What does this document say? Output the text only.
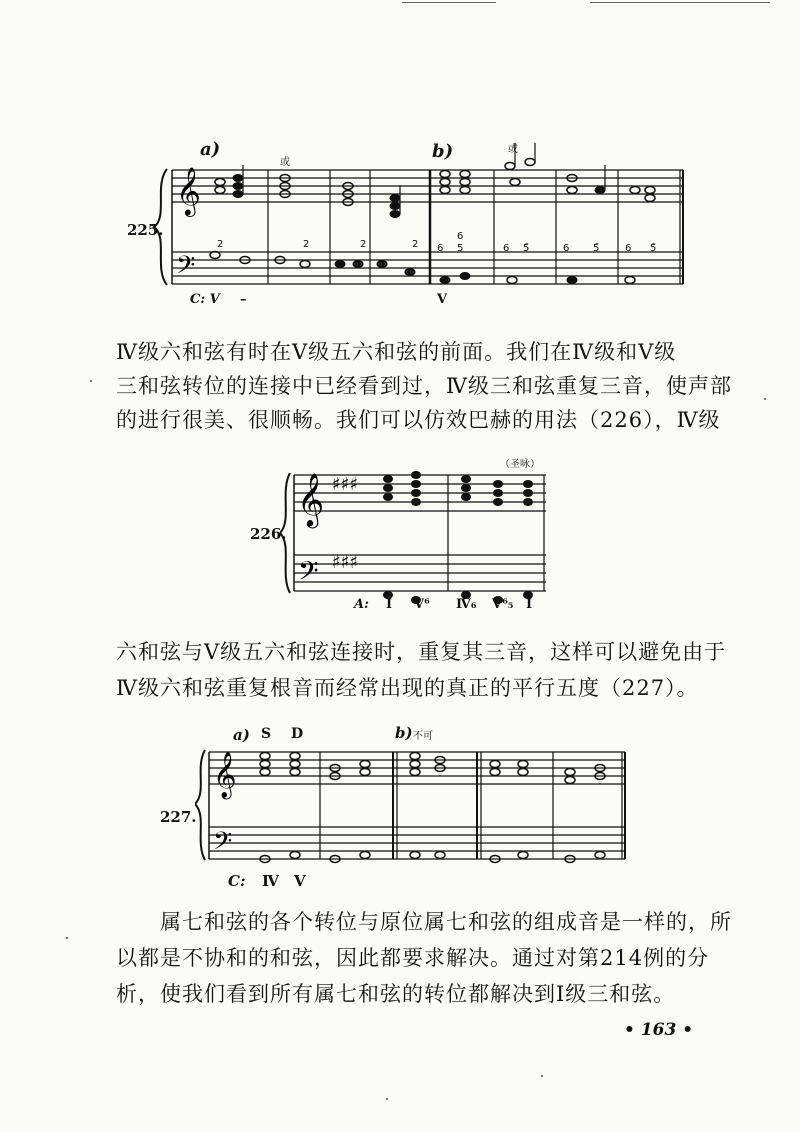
𝄞
𝄢
a)
或
b)	或
2	2	2	2 6
6
5	6 5̄	6 5̄	6 5̄
225.
C: V –	V
Ⅳ级六和弦有时在Ⅴ级五六和弦的前面。我们在Ⅳ级和Ⅴ级
三和弦转位的连接中已经看到过，Ⅳ级三和弦重复三音，使声部
的进行很美、很顺畅。我们可以仿效巴赫的用法（226），Ⅳ级
𝄞
𝄢
♯♯♯
♯♯♯
（圣咏）
226.
A: I V⁶ Ⅳ₆ V⁶₅ I
六和弦与Ⅴ级五六和弦连接时，重复其三音，这样可以避免由于
Ⅳ级六和弦重复根音而经常出现的真正的平行五度（227）。
𝄞
𝄢
a) S D	b) 不可
227.
C: Ⅳ V
属七和弦的各个转位与原位属七和弦的组成音是一样的，所
以都是不协和的和弦，因此都要求解决。通过对第214例的分
析，使我们看到所有属七和弦的转位都解决到Ⅰ级三和弦。
• 163 •
